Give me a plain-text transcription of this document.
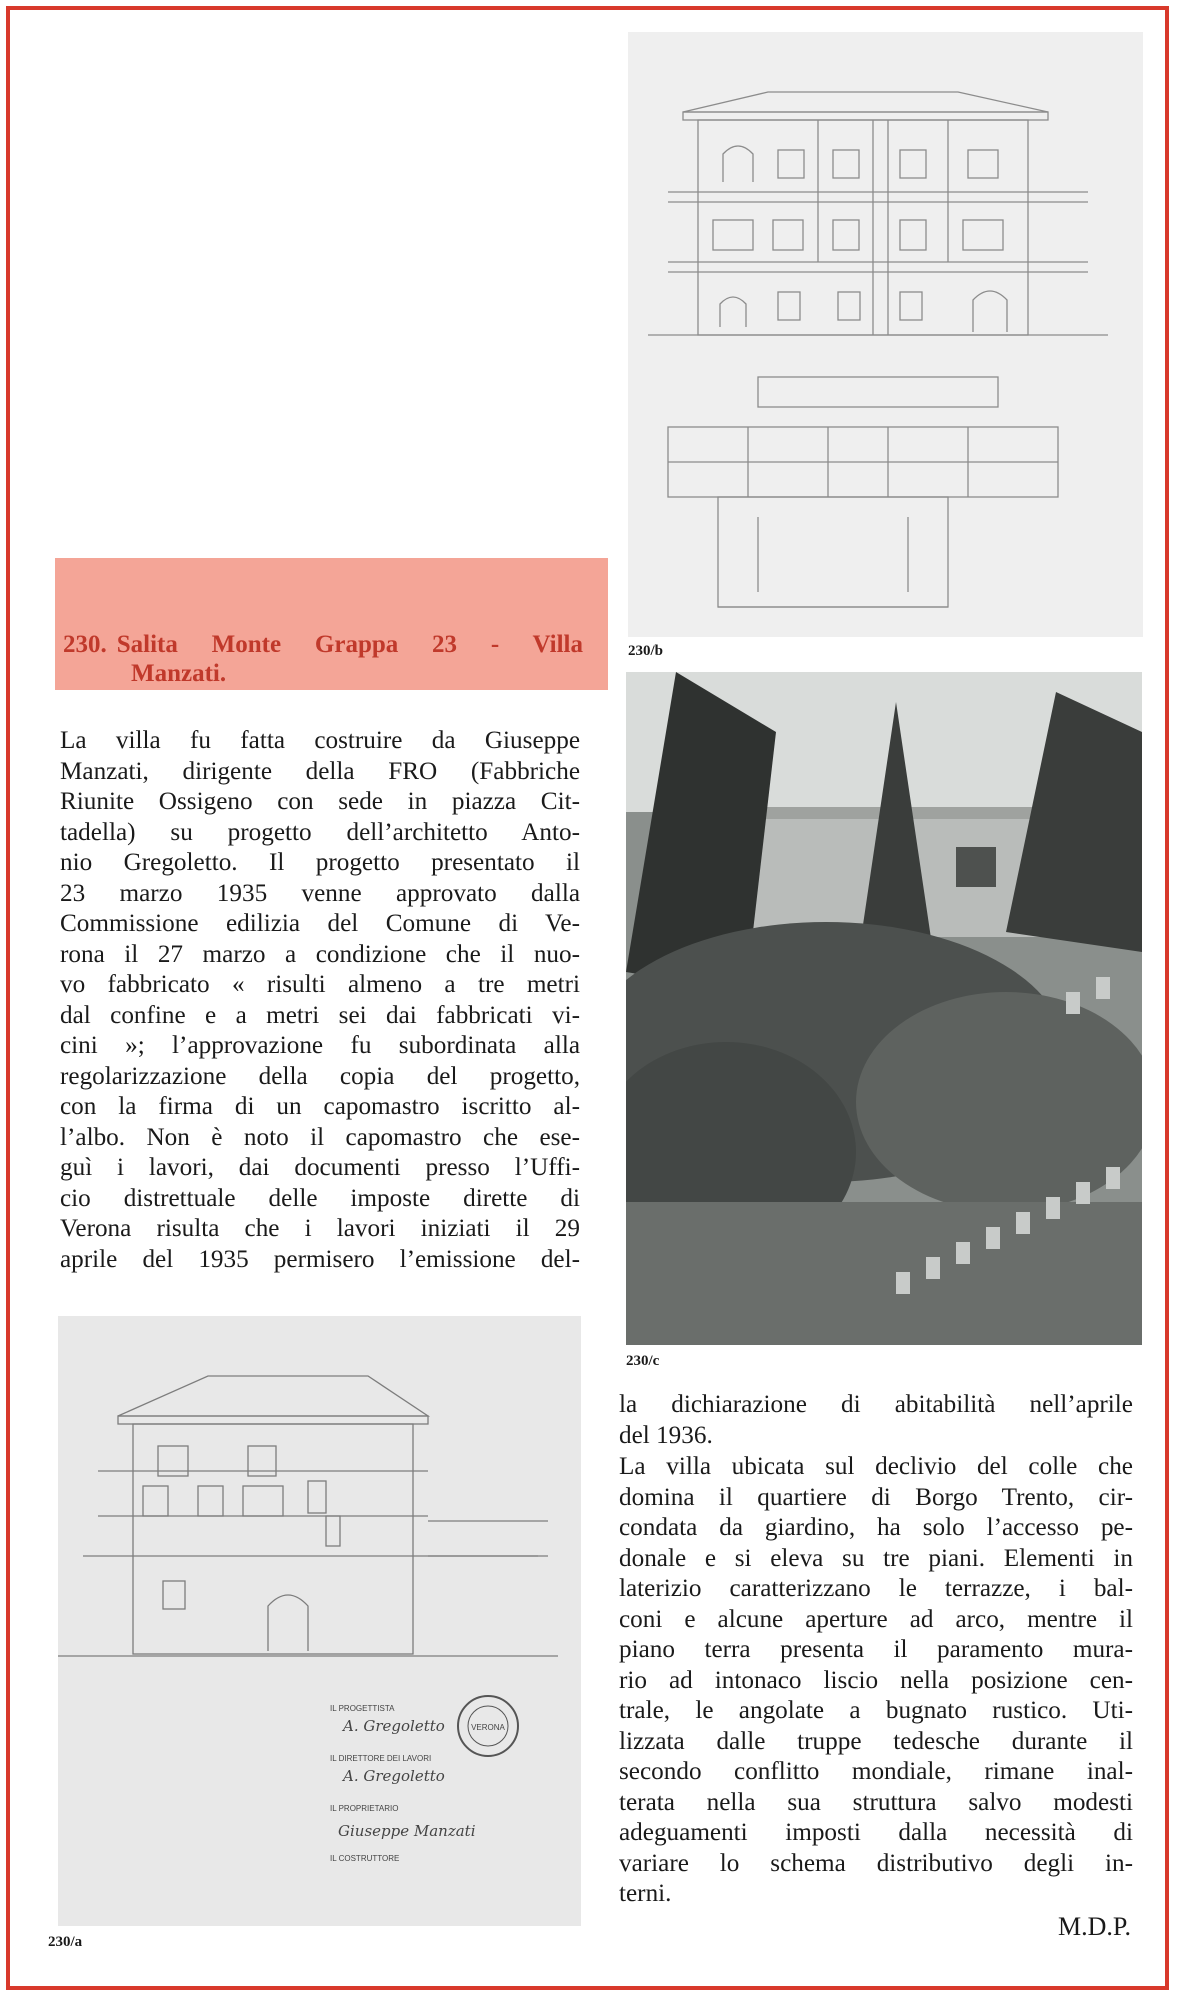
230/b
230/c
IL PROGETTISTA
IL DIRETTORE DEI LAVORI
IL PROPRIETARIO
IL COSTRUTTORE
A. Gregoletto
A. Gregoletto
Giuseppe Manzati
VERONA
230/a
230. Salita Monte Grappa 23 - Villa
Manzati.
La villa fu fatta costruire da Giuseppe
Manzati, dirigente della FRO (Fabbriche
Riunite Ossigeno con sede in piazza Cit-
tadella) su progetto dell’architetto Anto-
nio Gregoletto. Il progetto presentato il
23 marzo 1935 venne approvato dalla
Commissione edilizia del Comune di Ve-
rona il 27 marzo a condizione che il nuo-
vo fabbricato « risulti almeno a tre metri
dal confine e a metri sei dai fabbricati vi-
cini »; l’approvazione fu subordinata alla
regolarizzazione della copia del progetto,
con la firma di un capomastro iscritto al-
l’albo. Non è noto il capomastro che ese-
guì i lavori, dai documenti presso l’Uffi-
cio distrettuale delle imposte dirette di
Verona risulta che i lavori iniziati il 29
aprile del 1935 permisero l’emissione del-
la dichiarazione di abitabilità nell’aprile
del 1936.
La villa ubicata sul declivio del colle che
domina il quartiere di Borgo Trento, cir-
condata da giardino, ha solo l’accesso pe-
donale e si eleva su tre piani. Elementi in
laterizio caratterizzano le terrazze, i bal-
coni e alcune aperture ad arco, mentre il
piano terra presenta il paramento mura-
rio ad intonaco liscio nella posizione cen-
trale, le angolate a bugnato rustico. Uti-
lizzata dalle truppe tedesche durante il
secondo conflitto mondiale, rimane inal-
terata nella sua struttura salvo modesti
adeguamenti imposti dalla necessità di
variare lo schema distributivo degli in-
terni.
M.D.P.
